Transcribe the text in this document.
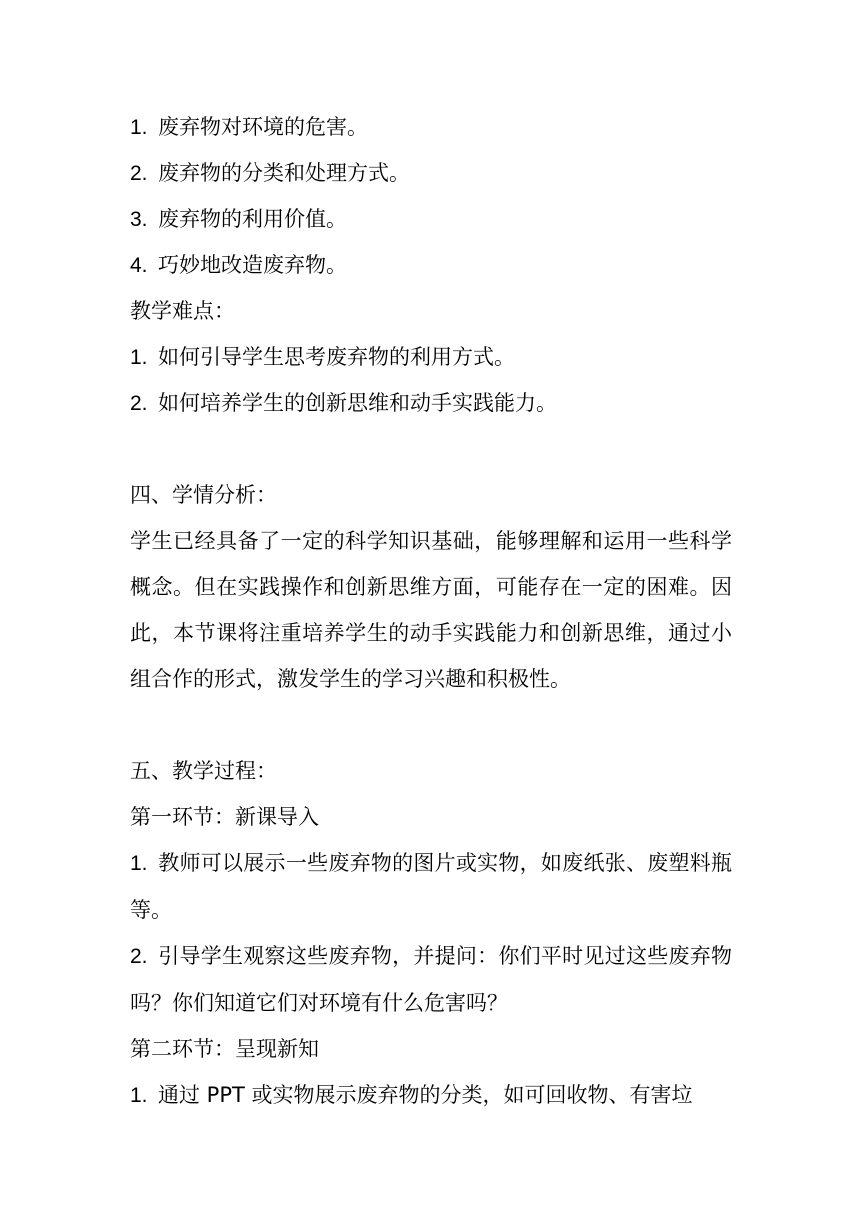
1. 废弃物对环境的危害。
2. 废弃物的分类和处理方式。
3. 废弃物的利用价值。
4. 巧妙地改造废弃物。
教学难点：
1. 如何引导学生思考废弃物的利用方式。
2. 如何培养学生的创新思维和动手实践能力。
四、学情分析：
学生已经具备了一定的科学知识基础，能够理解和运用一些科学概念。但在实践操作和创新思维方面，可能存在一定的困难。因此，本节课将注重培养学生的动手实践能力和创新思维，通过小组合作的形式，激发学生的学习兴趣和积极性。
五、教学过程：
第一环节：新课导入
1. 教师可以展示一些废弃物的图片或实物，如废纸张、废塑料瓶等。
2. 引导学生观察这些废弃物，并提问：你们平时见过这些废弃物吗？你们知道它们对环境有什么危害吗？
第二环节：呈现新知
1. 通过 PPT 或实物展示废弃物的分类，如可回收物、有害垃
